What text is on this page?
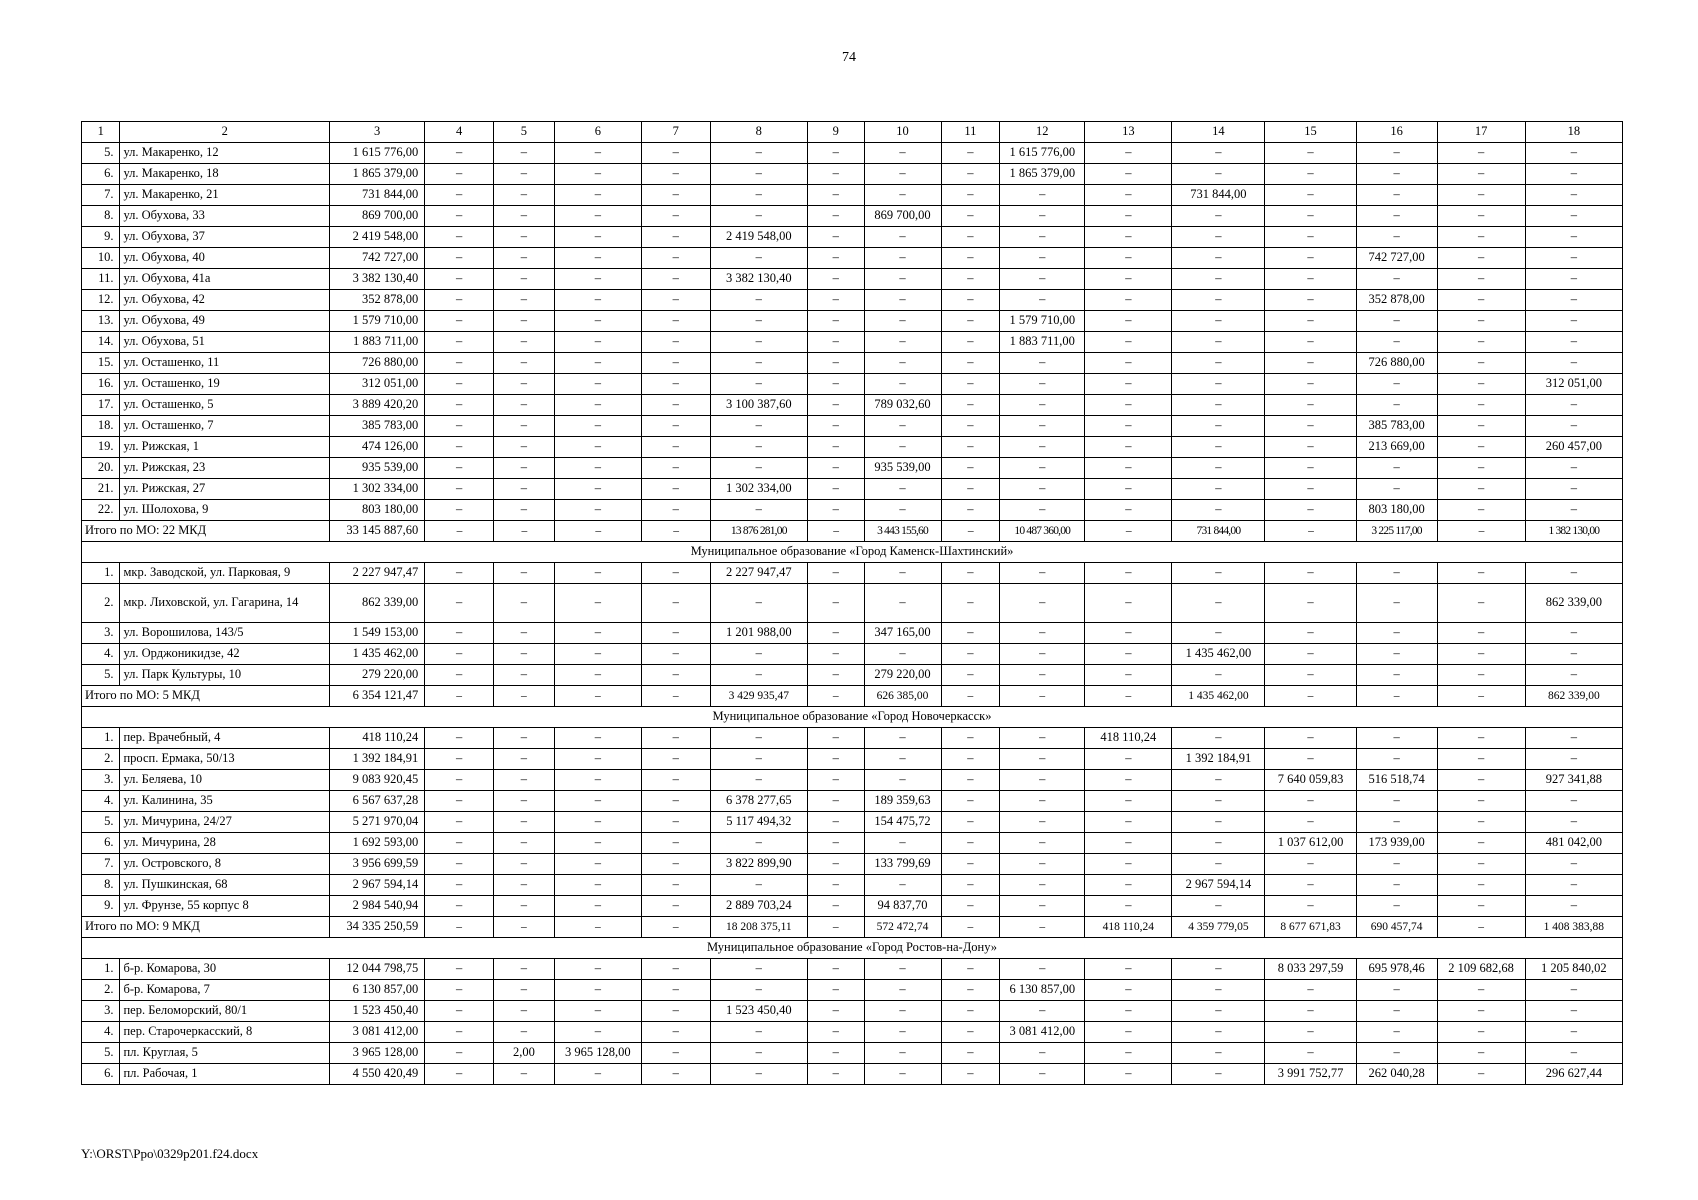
74
1	2	3	4	5	6	7	8	9	10	11	12	13	14	15	16	17	18
5.	ул. Макаренко, 12	1 615 776,00	–	–	–	–	–	–	–	–	1 615 776,00	–	–	–	–	–	–
6.	ул. Макаренко, 18	1 865 379,00	–	–	–	–	–	–	–	–	1 865 379,00	–	–	–	–	–	–
7.	ул. Макаренко, 21	731 844,00	–	–	–	–	–	–	–	–	–	–	731 844,00	–	–	–	–
8.	ул. Обухова, 33	869 700,00	–	–	–	–	–	–	869 700,00	–	–	–	–	–	–	–	–
9.	ул. Обухова, 37	2 419 548,00	–	–	–	–	2 419 548,00	–	–	–	–	–	–	–	–	–	–
10.	ул. Обухова, 40	742 727,00	–	–	–	–	–	–	–	–	–	–	–	–	742 727,00	–	–
11.	ул. Обухова, 41а	3 382 130,40	–	–	–	–	3 382 130,40	–	–	–	–	–	–	–	–	–	–
12.	ул. Обухова, 42	352 878,00	–	–	–	–	–	–	–	–	–	–	–	–	352 878,00	–	–
13.	ул. Обухова, 49	1 579 710,00	–	–	–	–	–	–	–	–	1 579 710,00	–	–	–	–	–	–
14.	ул. Обухова, 51	1 883 711,00	–	–	–	–	–	–	–	–	1 883 711,00	–	–	–	–	–	–
15.	ул. Осташенко, 11	726 880,00	–	–	–	–	–	–	–	–	–	–	–	–	726 880,00	–	–
16.	ул. Осташенко, 19	312 051,00	–	–	–	–	–	–	–	–	–	–	–	–	–	–	312 051,00
17.	ул. Осташенко, 5	3 889 420,20	–	–	–	–	3 100 387,60	–	789 032,60	–	–	–	–	–	–	–	–
18.	ул. Осташенко, 7	385 783,00	–	–	–	–	–	–	–	–	–	–	–	–	385 783,00	–	–
19.	ул. Рижская, 1	474 126,00	–	–	–	–	–	–	–	–	–	–	–	–	213 669,00	–	260 457,00
20.	ул. Рижская, 23	935 539,00	–	–	–	–	–	–	935 539,00	–	–	–	–	–	–	–	–
21.	ул. Рижская, 27	1 302 334,00	–	–	–	–	1 302 334,00	–	–	–	–	–	–	–	–	–	–
22.	ул. Шолохова, 9	803 180,00	–	–	–	–	–	–	–	–	–	–	–	–	803 180,00	–	–
Итого по МО: 22 МКД		33 145 887,60	–	–	–	–	13 876 281,00	–	3 443 155,60	–	10 487 360,00	–	731 844,00	–	3 225 117,00	–	1 382 130,00
Муниципальное образование «Город Каменск-Шахтинский»																	
1.	мкр. Заводской, ул. Парковая, 9	2 227 947,47	–	–	–	–	2 227 947,47	–	–	–	–	–	–	–	–	–	–
2.	мкр. Лиховской, ул. Гагарина, 14	862 339,00	–	–	–	–	–	–	–	–	–	–	–	–	–	–	862 339,00
3.	ул. Ворошилова, 143/5	1 549 153,00	–	–	–	–	1 201 988,00	–	347 165,00	–	–	–	–	–	–	–	–
4.	ул. Орджоникидзе, 42	1 435 462,00	–	–	–	–	–	–	–	–	–	–	1 435 462,00	–	–	–	–
5.	ул. Парк Культуры, 10	279 220,00	–	–	–	–	–	–	279 220,00	–	–	–	–	–	–	–	–
Итого по МО: 5 МКД		6 354 121,47	–	–	–	–	3 429 935,47	–	626 385,00	–	–	–	1 435 462,00	–	–	–	862 339,00
Муниципальное образование «Город Новочеркасск»																	
1.	пер. Врачебный, 4	418 110,24	–	–	–	–	–	–	–	–	–	418 110,24	–	–	–	–	–
2.	просп. Ермака, 50/13	1 392 184,91	–	–	–	–	–	–	–	–	–	–	1 392 184,91	–	–	–	–
3.	ул. Беляева, 10	9 083 920,45	–	–	–	–	–	–	–	–	–	–	–	7 640 059,83	516 518,74	–	927 341,88
4.	ул. Калинина, 35	6 567 637,28	–	–	–	–	6 378 277,65	–	189 359,63	–	–	–	–	–	–	–	–
5.	ул. Мичурина, 24/27	5 271 970,04	–	–	–	–	5 117 494,32	–	154 475,72	–	–	–	–	–	–	–	–
6.	ул. Мичурина, 28	1 692 593,00	–	–	–	–	–	–	–	–	–	–	–	1 037 612,00	173 939,00	–	481 042,00
7.	ул. Островского, 8	3 956 699,59	–	–	–	–	3 822 899,90	–	133 799,69	–	–	–	–	–	–	–	–
8.	ул. Пушкинская, 68	2 967 594,14	–	–	–	–	–	–	–	–	–	–	2 967 594,14	–	–	–	–
9.	ул. Фрунзе, 55 корпус 8	2 984 540,94	–	–	–	–	2 889 703,24	–	94 837,70	–	–	–	–	–	–	–	–
Итого по МО: 9 МКД		34 335 250,59	–	–	–	–	18 208 375,11	–	572 472,74	–	–	418 110,24	4 359 779,05	8 677 671,83	690 457,74	–	1 408 383,88
Муниципальное образование «Город Ростов-на-Дону»																	
1.	б-р. Комарова, 30	12 044 798,75	–	–	–	–	–	–	–	–	–	–	–	8 033 297,59	695 978,46	2 109 682,68	1 205 840,02
2.	б-р. Комарова, 7	6 130 857,00	–	–	–	–	–	–	–	–	6 130 857,00	–	–	–	–	–	–
3.	пер. Беломорский, 80/1	1 523 450,40	–	–	–	–	1 523 450,40	–	–	–	–	–	–	–	–	–	–
4.	пер. Старочеркасский, 8	3 081 412,00	–	–	–	–	–	–	–	–	3 081 412,00	–	–	–	–	–	–
5.	пл. Круглая, 5	3 965 128,00	–	2,00	3 965 128,00	–	–	–	–	–	–	–	–	–	–	–	–
6.	пл. Рабочая, 1	4 550 420,49	–	–	–	–	–	–	–	–	–	–	–	3 991 752,77	262 040,28	–	296 627,44
Y:\ORST\Ppo\0329p201.f24.docx
